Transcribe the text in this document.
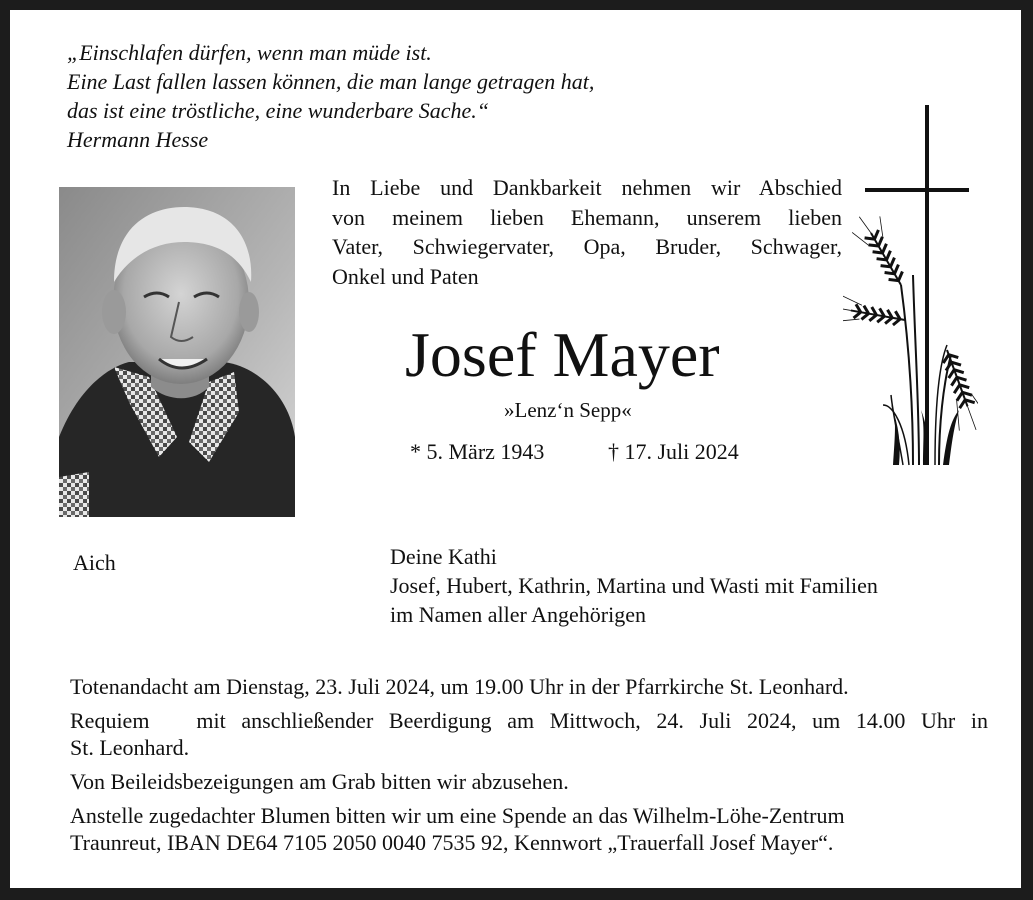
„Einschlafen dürfen, wenn man müde ist.
Eine Last fallen lassen können, die man lange getragen hat,
das ist eine tröstliche, eine wunderbare Sache.“
Hermann Hesse
In Liebe und Dankbarkeit nehmen wir Abschied
von meinem lieben Ehemann, unserem lieben
Vater, Schwiegervater, Opa, Bruder, Schwager,
Onkel und Paten
Josef Mayer
»Lenz‘n Sepp«
* 5. März 1943	† 17. Juli 2024
Aich	Deine Kathi
Josef, Hubert, Kathrin, Martina und Wasti mit Familien
im Namen aller Angehörigen

Totenandacht am Dienstag, 23. Juli 2024, um 19.00 Uhr in der Pfarrkirche St. Leonhard.

Requiem   mit anschließender Beerdigung am Mittwoch, 24. Juli 2024, um 14.00 Uhr in
St. Leonhard.

Von Beileidsbezeigungen am Grab bitten wir abzusehen.

Anstelle zugedachter Blumen bitten wir um eine Spende an das Wilhelm-Löhe-Zentrum
Traunreut, IBAN DE64 7105 2050 0040 7535 92, Kennwort „Trauerfall Josef Mayer“.
